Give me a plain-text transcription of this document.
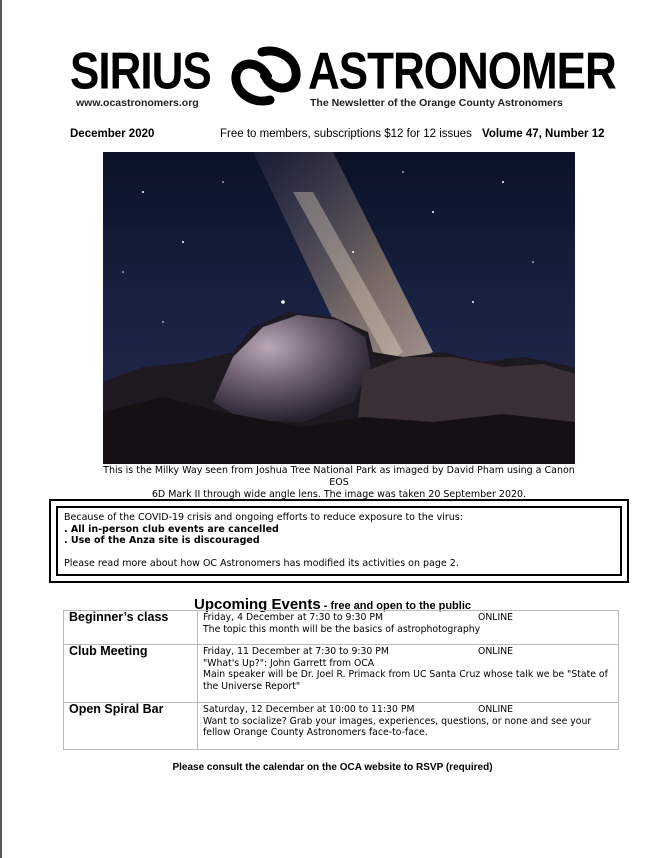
SIRIUS ASTRONOMER
www.ocastronomers.org	The Newsletter of the Orange County Astronomers
December 2020	Free to members, subscriptions $12 for 12 issues Volume 47, Number 12
This is the Milky Way seen from Joshua Tree National Park as imaged by David Pham using a Canon EOS
6D Mark II through wide angle lens. The image was taken 20 September 2020.
Because of the COVID-19 crisis and ongoing efforts to reduce exposure to the virus:
. All in-person club events are cancelled
. Use of the Anza site is discouraged
Please read more about how OC Astronomers has modified its activities on page 2.
Upcoming Events - free and open to the public
Beginner’s class	Friday, 4 December at 7:30 to 9:30 PM ONLINE
The topic this month will be the basics of astrophotography

Club Meeting	Friday, 11 December at 7:30 to 9:30 PM ONLINE
"What's Up?": John Garrett from OCA
Main speaker will be Dr. Joel R. Primack from UC Santa Cruz whose talk we be "State of the Universe Report"

Open Spiral Bar	Saturday, 12 December at 10:00 to 11:30 PM ONLINE
Want to socialize? Grab your images, experiences, questions, or none and see your fellow Orange County Astronomers face-to-face.
Please consult the calendar on the OCA website to RSVP (required)
